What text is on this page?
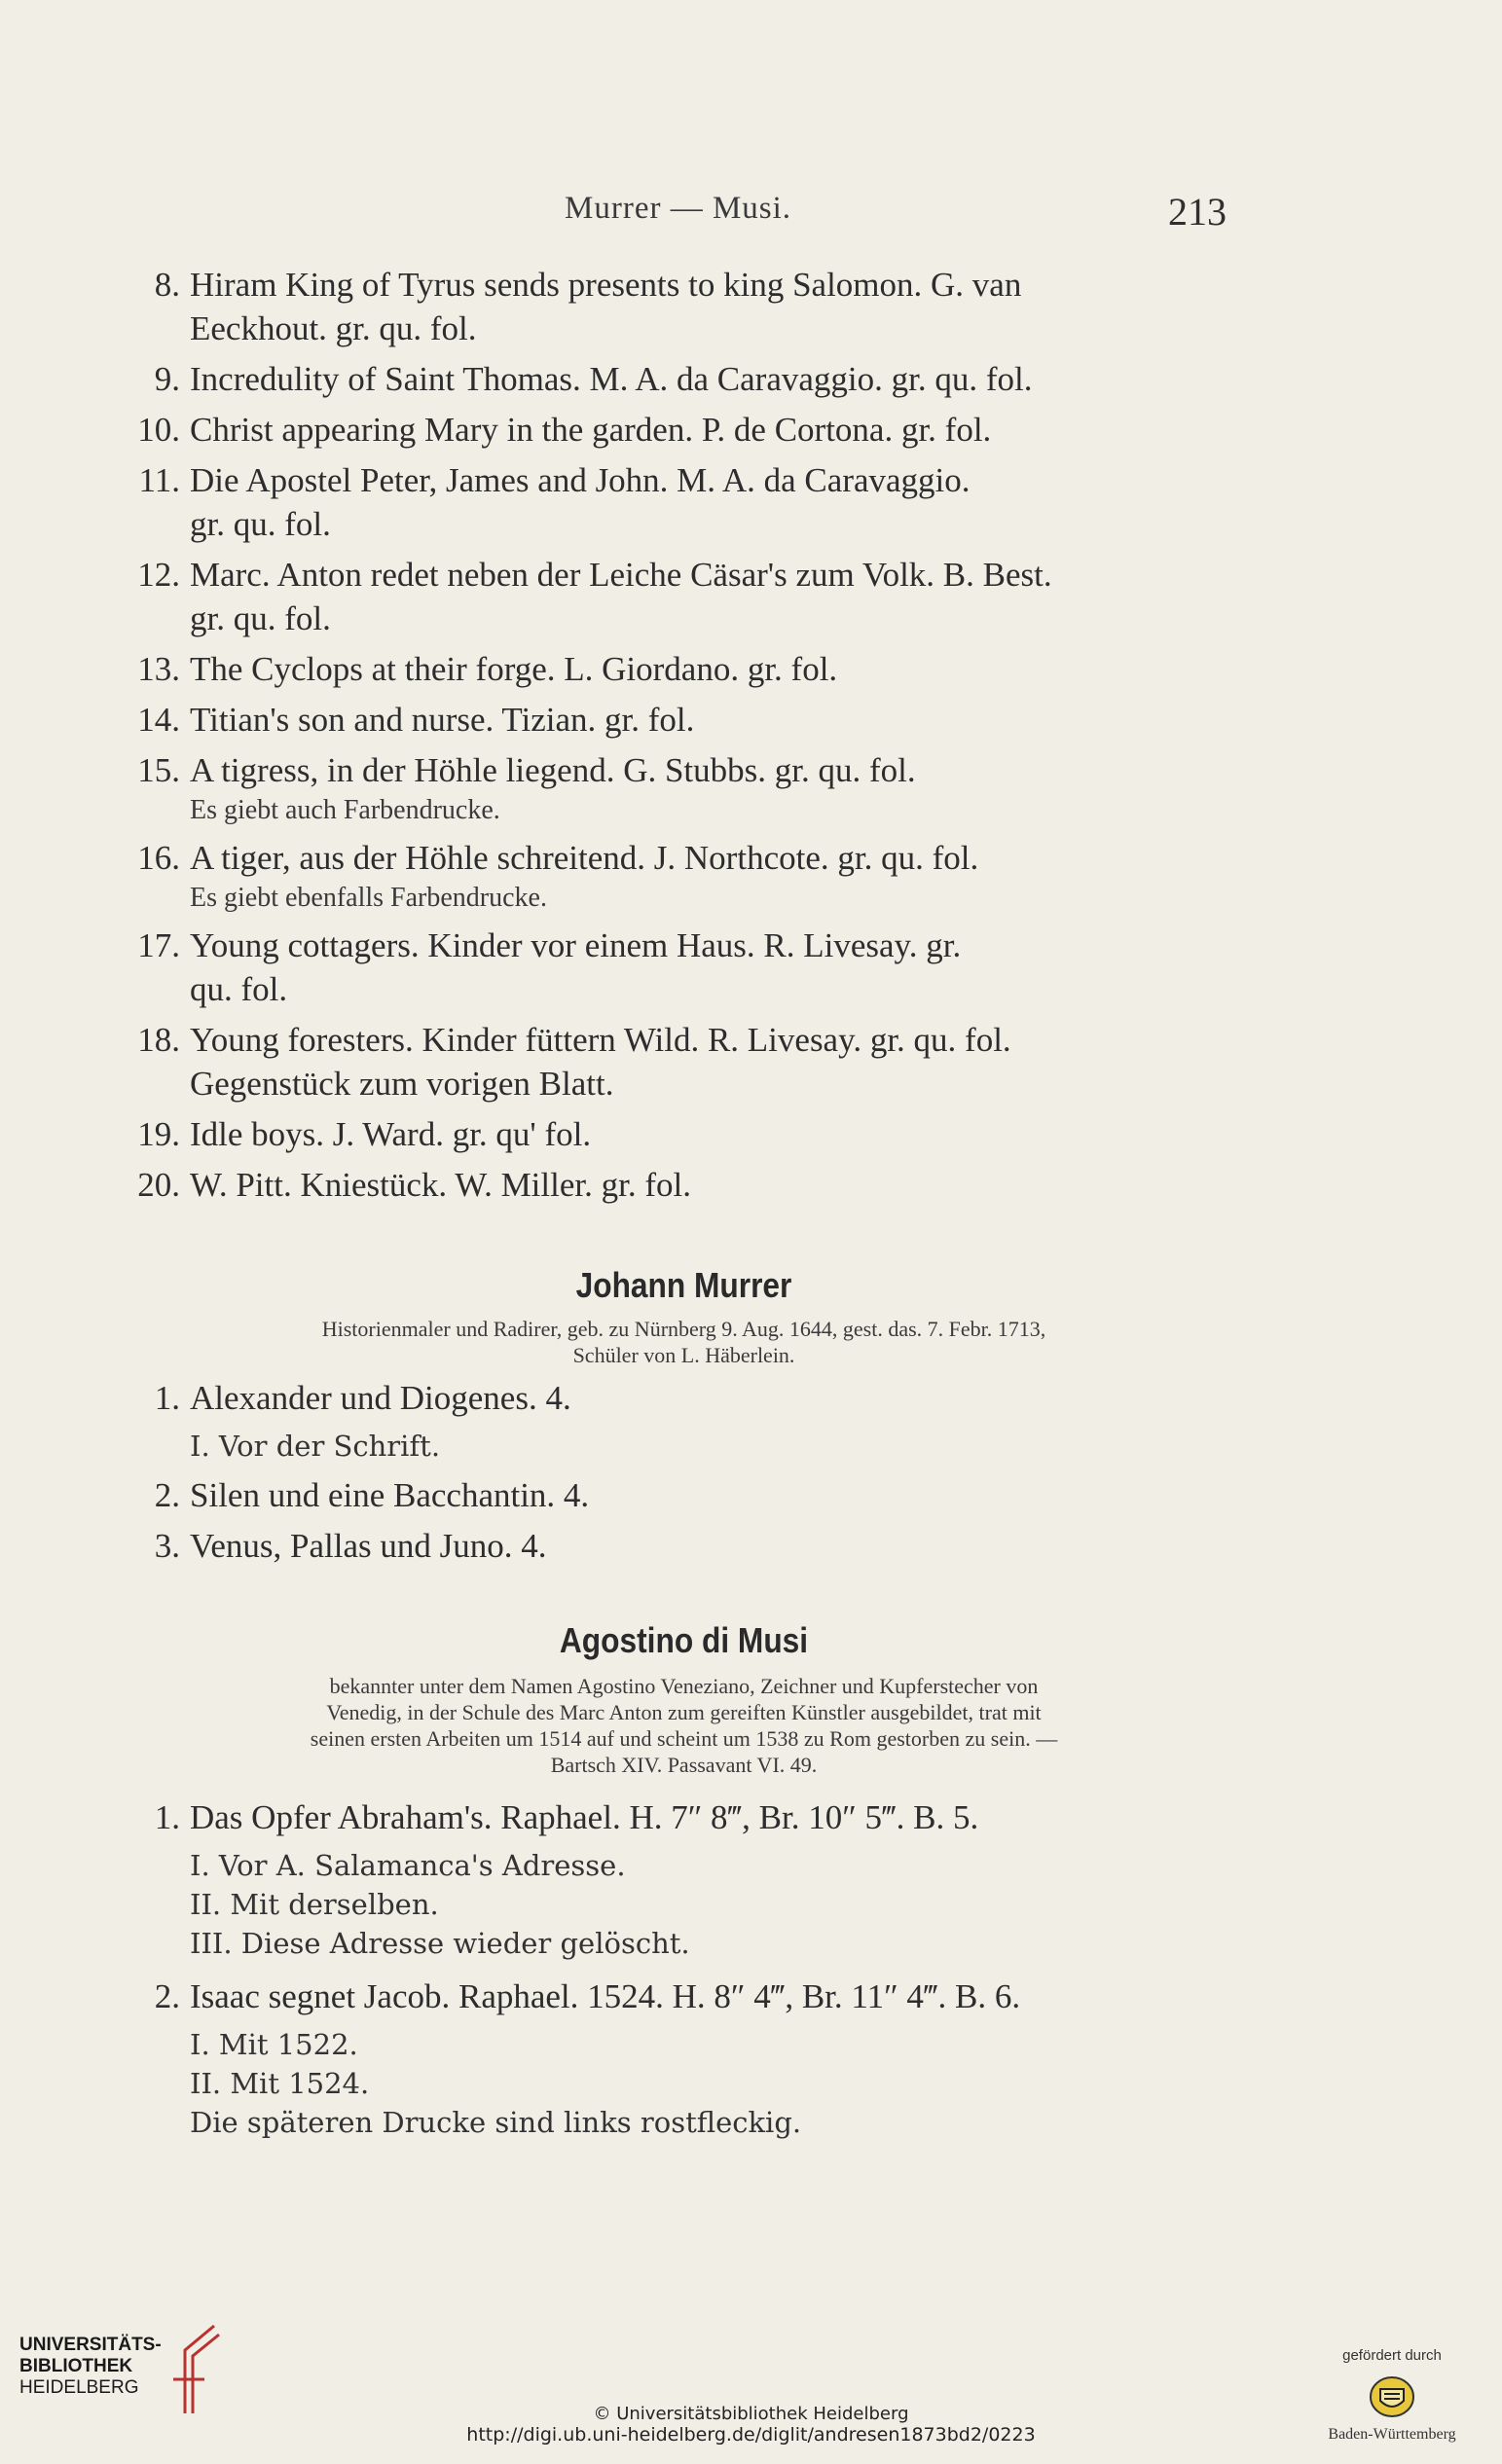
Murrer — Musi.	213
8 . Hiram King of Tyrus sends presents to king Salomon. G. van
Eeckhout. gr. qu. fol.
9 . Incredulity of Saint Thomas. M. A. da Caravaggio. gr. qu. fol.
10 . Christ appearing Mary in the garden. P. de Cortona. gr. fol.
11 . Die Apostel Peter, James and John. M. A. da Caravaggio.
gr. qu. fol.
12 . Marc. Anton redet neben der Leiche Cäsar's zum Volk. B. Best.
gr. qu. fol.
13 . The Cyclops at their forge. L. Giordano. gr. fol.
14 . Titian's son and nurse. Tizian. gr. fol.
15 . A tigress, in der Höhle liegend. G. Stubbs. gr. qu. fol.
Es giebt auch Farbendrucke.
16 . A tiger, aus der Höhle schreitend. J. Northcote. gr. qu. fol.
Es giebt ebenfalls Farbendrucke.
17 . Young cottagers. Kinder vor einem Haus. R. Livesay. gr.
qu. fol.
18 . Young foresters. Kinder füttern Wild. R. Livesay. gr. qu. fol.
Gegenstück zum vorigen Blatt.
19 . Idle boys. J. Ward. gr. qu' fol.
20 . W. Pitt. Kniestück. W. Miller. gr. fol.
Johann Murrer
Historienmaler und Radirer, geb. zu Nürnberg 9. Aug. 1644, gest. das. 7. Febr. 1713,
Schüler von L. Häberlein.
1 . Alexander und Diogenes. 4.
I. Vor der Schrift.
2 . Silen und eine Bacchantin. 4.
3 . Venus, Pallas und Juno. 4.
Agostino di Musi
bekannter unter dem Namen Agostino Veneziano, Zeichner und Kupferstecher von
Venedig, in der Schule des Marc Anton zum gereiften Künstler ausgebildet, trat mit
seinen ersten Arbeiten um 1514 auf und scheint um 1538 zu Rom gestorben zu sein. —
Bartsch XIV. Passavant VI. 49.
1 . Das Opfer Abraham's. Raphael. H. 7″ 8‴, Br. 10″ 5‴. B. 5.
I. Vor A. Salamanca's Adresse.
II. Mit derselben.
III. Diese Adresse wieder gelöscht.
2 . Isaac segnet Jacob. Raphael. 1524. H. 8″ 4‴, Br. 11″ 4‴. B. 6.
I. Mit 1522.
II. Mit 1524.
Die späteren Drucke sind links rostfleckig.
UNIVERSITÄTS-
BIBLIOTHEK
HEIDELBERG
© Universitätsbibliothek Heidelberg
http://digi.ub.uni-heidelberg.de/diglit/andresen1873bd2/0223
gefördert durch
Baden-Württemberg
